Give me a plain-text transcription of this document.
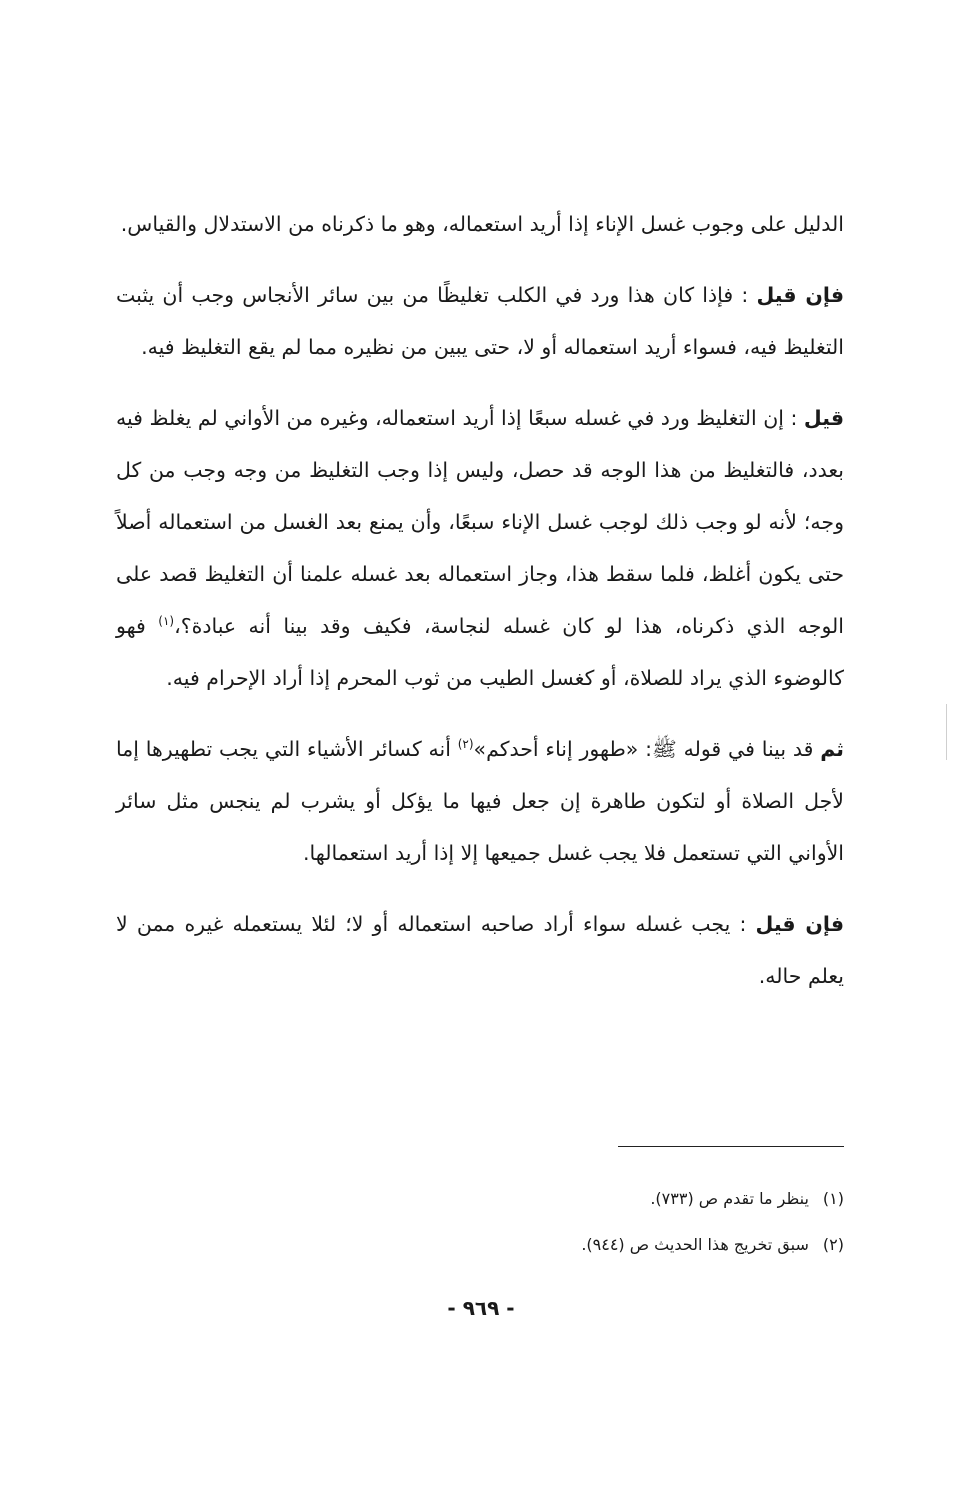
الدليل على وجوب غسل الإناء إذا أريد استعماله، وهو ما ذكرناه من الاستدلال والقياس.

فإن قيل : فإذا كان هذا ورد في الكلب تغليظًا من بين سائر الأنجاس وجب أن يثبت التغليظ فيه، فسواء أريد استعماله أو لا، حتى يبين من نظيره مما لم يقع التغليظ فيه.

قيل : إن التغليظ ورد في غسله سبعًا إذا أريد استعماله، وغيره من الأواني لم يغلظ فيه بعدد، فالتغليظ من هذا الوجه قد حصل، وليس إذا وجب التغليظ من وجه وجب من كل وجه؛ لأنه لو وجب ذلك لوجب غسل الإناء سبعًا، وأن يمنع بعد الغسل من استعماله أصلاً حتى يكون أغلظ، فلما سقط هذا، وجاز استعماله بعد غسله علمنا أن التغليظ قصد على الوجه الذي ذكرناه، هذا لو كان غسله لنجاسة، فكيف وقد بينا أنه عبادة؟،$^{(١)}$ فهو كالوضوء الذي يراد للصلاة، أو كغسل الطيب من ثوب المحرم إذا أراد الإحرام فيه.

ثم قد بينا في قوله ﷺ: «طهور إناء أحدكم»$^{(٢)}$ أنه كسائر الأشياء التي يجب تطهيرها إما لأجل الصلاة أو لتكون طاهرة إن جعل فيها ما يؤكل أو يشرب لم ينجس مثل سائر الأواني التي تستعمل فلا يجب غسل جميعها إلا إذا أريد استعمالها.

فإن قيل : يجب غسله سواء أراد صاحبه استعماله أو لا؛ لئلا يستعمله غيره ممن لا يعلم حاله.

(١)ينظر ما تقدم ص (٧٣٣).

(٢)سبق تخريج هذا الحديث ص (٩٤٤).

- ٩٦٩ -
